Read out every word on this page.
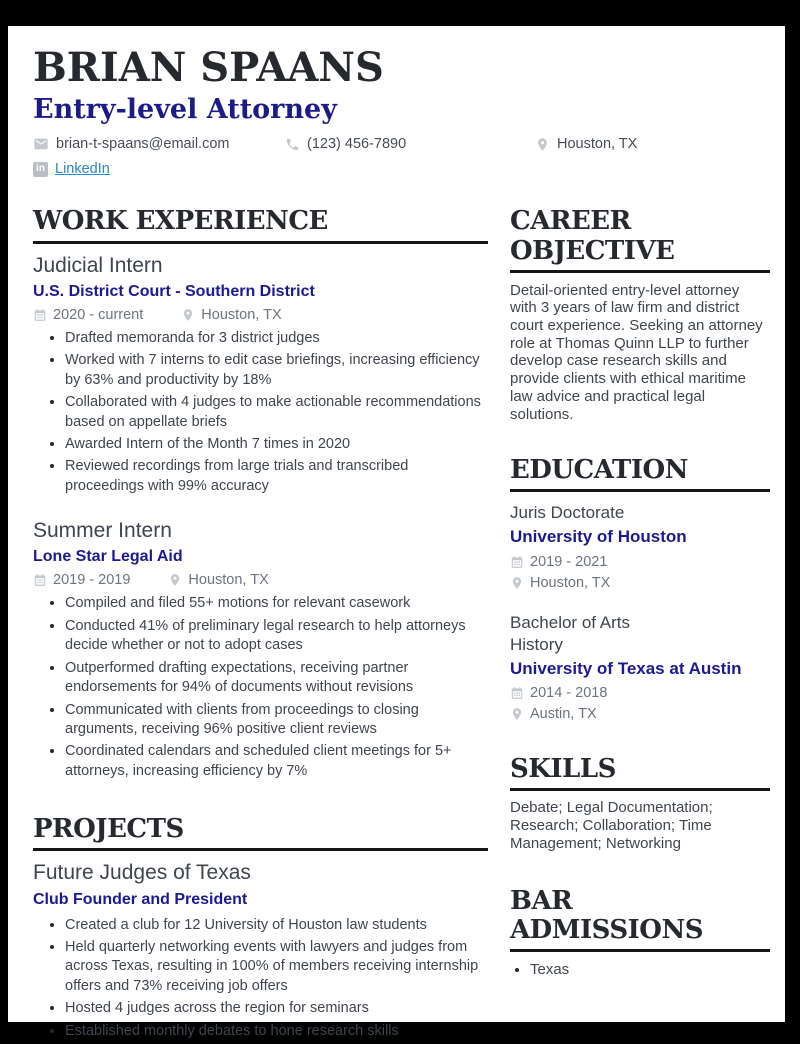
BRIAN SPAANS
Entry-level Attorney
brian-t-spaans@email.com	(123) 456-7890	Houston, TX
in LinkedIn
WORK EXPERIENCE
Judicial Intern
U.S. District Court - Southern District
2020 - current	Houston, TX
• Drafted memoranda for 3 district judges
• Worked with 7 interns to edit case briefings, increasing efficiency by 63% and productivity by 18%
• Collaborated with 4 judges to make actionable recommendations based on appellate briefs
• Awarded Intern of the Month 7 times in 2020
• Reviewed recordings from large trials and transcribed proceedings with 99% accuracy
Summer Intern
Lone Star Legal Aid
2019 - 2019	Houston, TX
• Compiled and filed 55+ motions for relevant casework
• Conducted 41% of preliminary legal research to help attorneys decide whether or not to adopt cases
• Outperformed drafting expectations, receiving partner endorsements for 94% of documents without revisions
• Communicated with clients from proceedings to closing arguments, receiving 96% positive client reviews
• Coordinated calendars and scheduled client meetings for 5+ attorneys, increasing efficiency by 7%
PROJECTS
Future Judges of Texas
Club Founder and President
• Created a club for 12 University of Houston law students
• Held quarterly networking events with lawyers and judges from across Texas, resulting in 100% of members receiving internship offers and 73% receiving job offers
• Hosted 4 judges across the region for seminars
• Established monthly debates to hone research skills
CAREER OBJECTIVE

Detail-oriented entry-level attorney with 3 years of law firm and district court experience. Seeking an attorney role at Thomas Quinn LLP to further develop case research skills and provide clients with ethical maritime law advice and practical legal solutions.

EDUCATION
Juris Doctorate
University of Houston
2019 - 2021
Houston, TX
Bachelor of Arts
History
University of Texas at Austin
2014 - 2018
Austin, TX
SKILLS

Debate; Legal Documentation; Research; Collaboration; Time Management; Networking

BAR ADMISSIONS
• Texas
